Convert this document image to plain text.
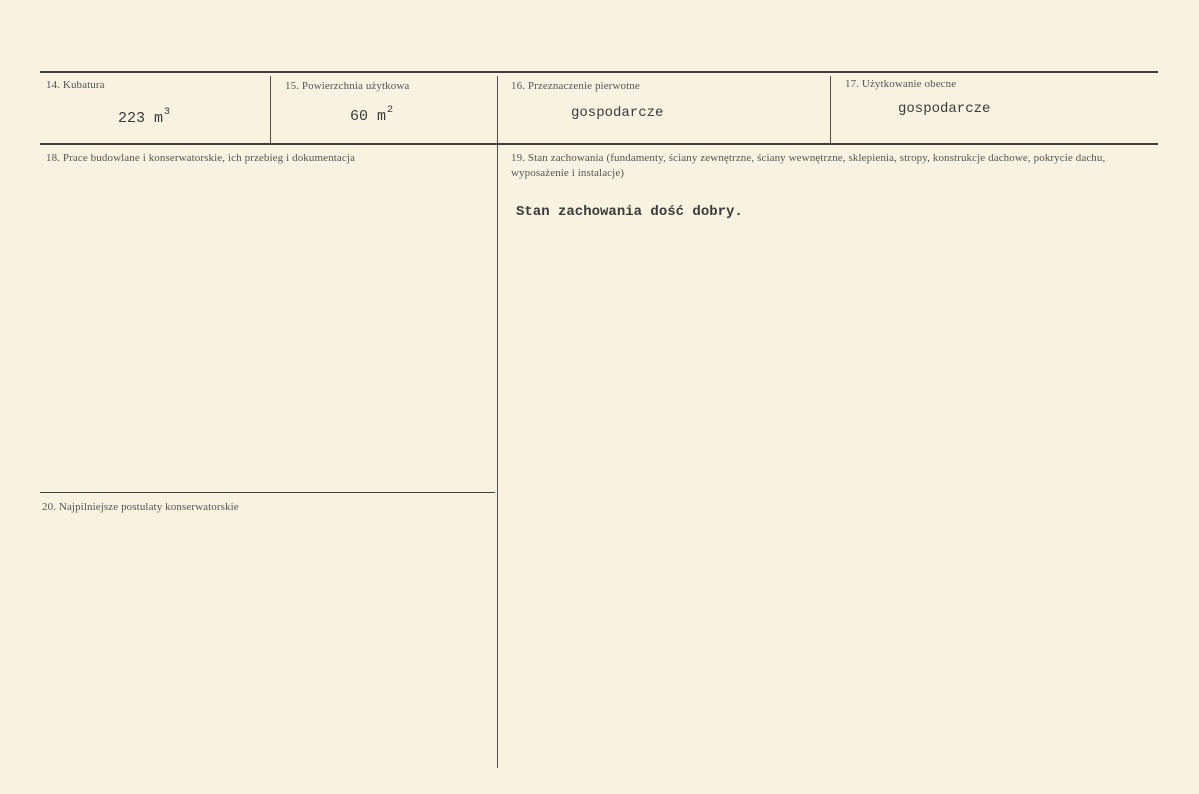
14. Kubatura
223 $m^3$
15. Powierzchnia użytkowa
60 $m^2$
16. Przeznaczenie pierwotne
gospodarcze
17. Użytkowanie obecne
gospodarcze
18. Prace budowlane i konserwatorskie, ich przebieg i dokumentacja	19. Stan zachowania (fundamenty, ściany zewnętrzne, ściany wewnętrzne, sklepienia, stropy, konstrukcje dachowe, pokrycie dachu, wyposażenie i instalacje)
Stan zachowania dość dobry.
20. Najpilniejsze postulaty konserwatorskie
